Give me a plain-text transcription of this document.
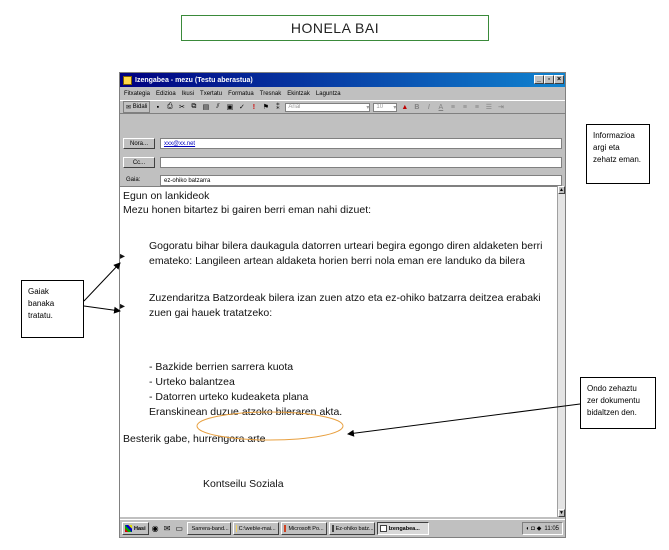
HONELA BAI
Izengabea - mezu (Testu aberastua)	_ ▫ ×
Fitxategia Edizioa Ikusi Txertatu Formatua Tresnak Ekintzak Laguntza
✉ Bidali	▪	⎙ ✂ ⧉ ▤	⫽	▣ ✓	!	⚑	⁑	Arial	▾ 10 ▾ ▲ B	I	A	≡	≡	≡ ☰ ⇥
Nora...	xxx@xx.net
Cc...
Gaia:	ez-ohiko batzarra
Egun on lankideok
Mezu honen bitartez bi gairen berri eman nahi dizuet:
▸
Gogoratu bihar bilera daukagula datorren urteari begira egongo diren aldaketen berri
emateko: Langileen artean aldaketa horien berri nola eman ere landuko da bilera
▸
Zuzendaritza Batzordeak bilera izan zuen atzo eta ez-ohiko batzarra deitzea erabaki
zuen gai hauek tratatzeko:
- Bazkide berrien sarrera kuota
- Urteko balantzea
- Datorren urteko kudeaketa plana
Eranskinean duzue atzoko bileraren akta.
Besterik gabe, hurrengora arte
Kontseilu Soziala
▲
▼
Hasi ◉ ✉ ▭ Sarrera-band... C:\web\e-mai... Microsoft Po... Ez-ohiko batz...	Izengabea...	◖ ◘ ◆ 11:05
Informazioa argi eta zehatz eman.
Gaiak banaka tratatu.
Ondo zehaztu zer dokumentu bidaltzen den.
